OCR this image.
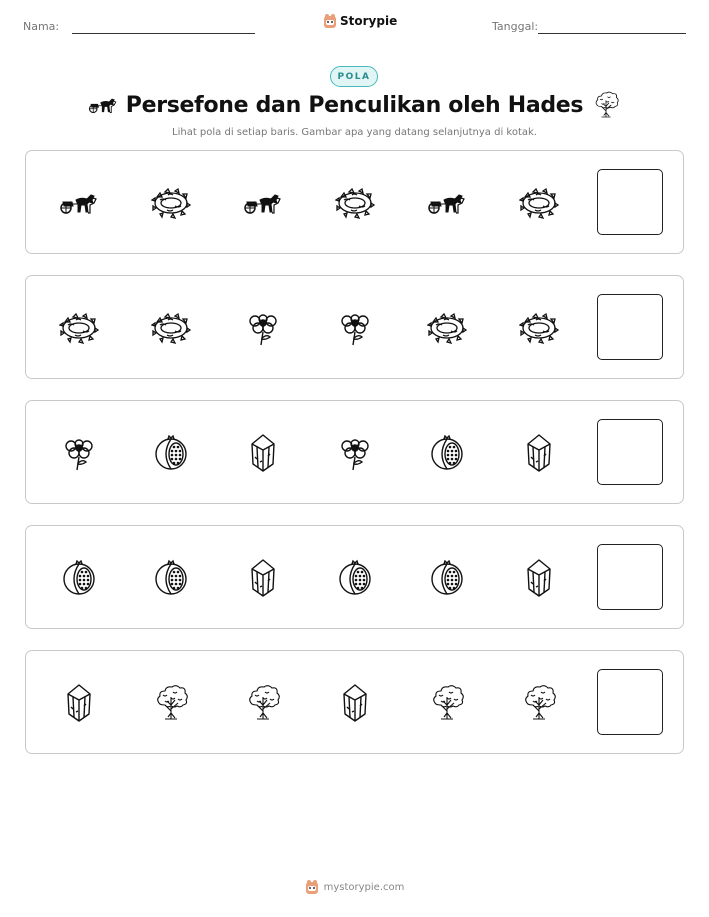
Nama:	Storypie	Tanggal:
POLA
Persefone dan Penculikan oleh Hades
Lihat pola di setiap baris. Gambar apa yang datang selanjutnya di kotak.
mystorypie.com
